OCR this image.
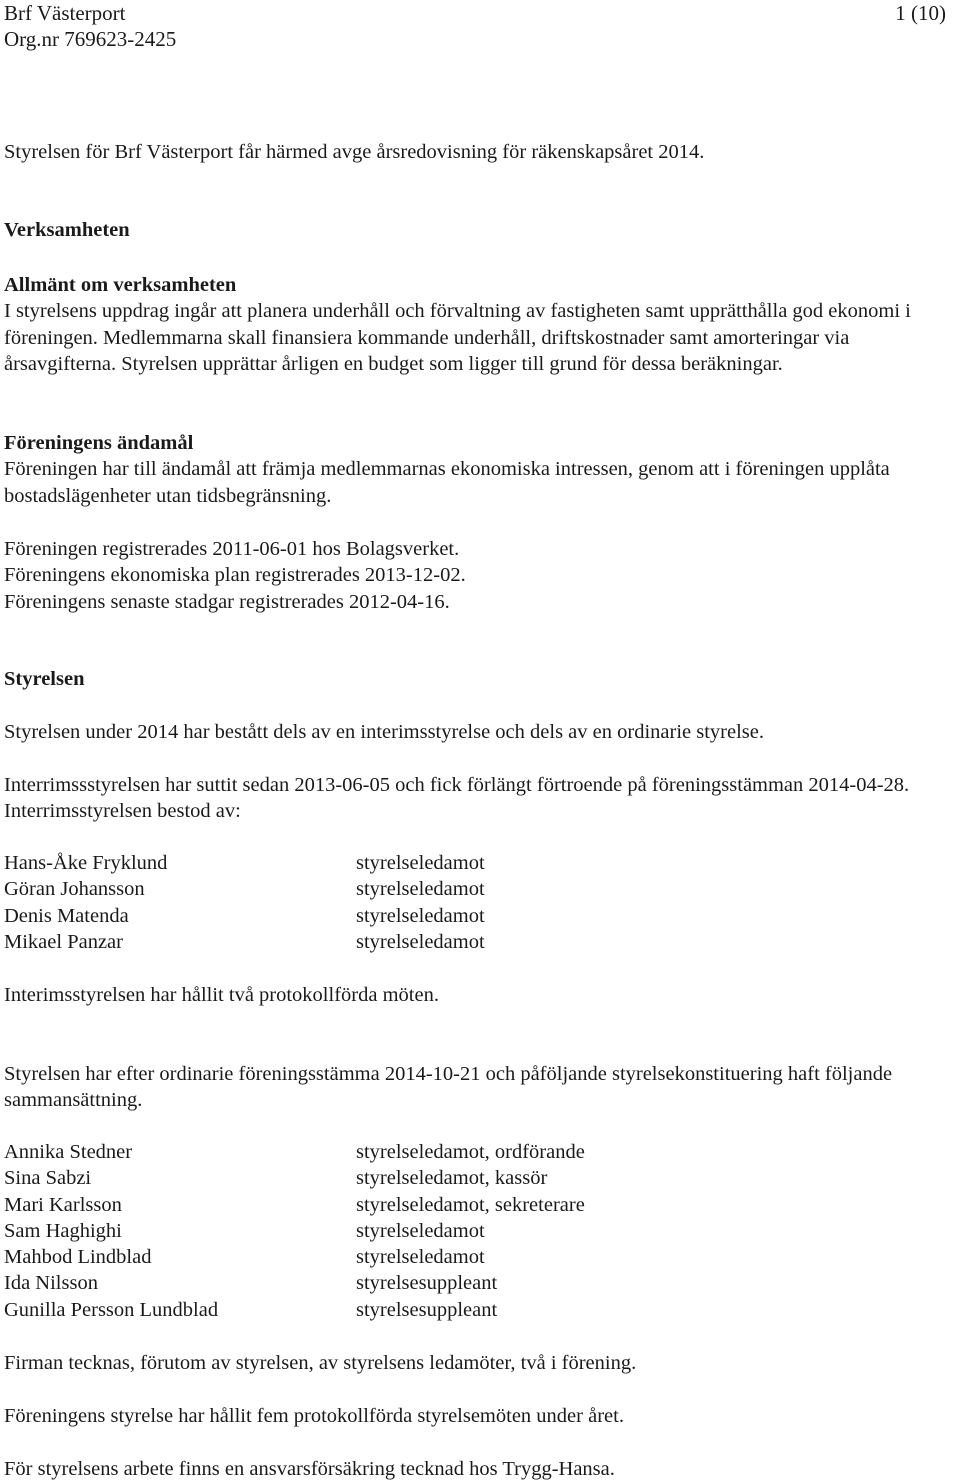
Brf Västerport
Org.nr 769623-2425
1 (10)
Styrelsen för Brf Västerport får härmed avge årsredovisning för räkenskapsåret 2014.
Verksamheten
Allmänt om verksamheten
I styrelsens uppdrag ingår att planera underhåll och förvaltning av fastigheten samt upprätthålla god ekonomi i föreningen. Medlemmarna skall finansiera kommande underhåll, driftskostnader samt amorteringar via årsavgifterna. Styrelsen upprättar årligen en budget som ligger till grund för dessa beräkningar.
Föreningens ändamål
Föreningen har till ändamål att främja medlemmarnas ekonomiska intressen, genom att i föreningen upplåta bostadslägenheter utan tidsbegränsning.
Föreningen registrerades 2011-06-01 hos Bolagsverket.
Föreningens ekonomiska plan registrerades 2013-12-02.
Föreningens senaste stadgar registrerades 2012-04-16.
Styrelsen
Styrelsen under 2014 har bestått dels av en interimsstyrelse och dels av en ordinarie styrelse.
Interrimssstyrelsen har suttit sedan 2013-06-05 och fick förlängt förtroende på föreningsstämman 2014-04-28. Interrimsstyrelsen bestod av:
Hans-Åke Fryklund	styrelseledamot
Göran Johansson	styrelseledamot
Denis Matenda	styrelseledamot
Mikael Panzar	styrelseledamot
Interimsstyrelsen har hållit två protokollförda möten.
Styrelsen har efter ordinarie föreningsstämma 2014-10-21 och påföljande styrelsekonstituering haft följande sammansättning.
Annika Stedner	styrelseledamot, ordförande
Sina Sabzi	styrelseledamot, kassör
Mari Karlsson	styrelseledamot, sekreterare
Sam Haghighi	styrelseledamot
Mahbod Lindblad	styrelseledamot
Ida Nilsson	styrelsesuppleant
Gunilla Persson Lundblad	styrelsesuppleant
Firman tecknas, förutom av styrelsen, av styrelsens ledamöter, två i förening.
Föreningens styrelse har hållit fem protokollförda styrelsemöten under året.
För styrelsens arbete finns en ansvarsförsäkring tecknad hos Trygg-Hansa.
